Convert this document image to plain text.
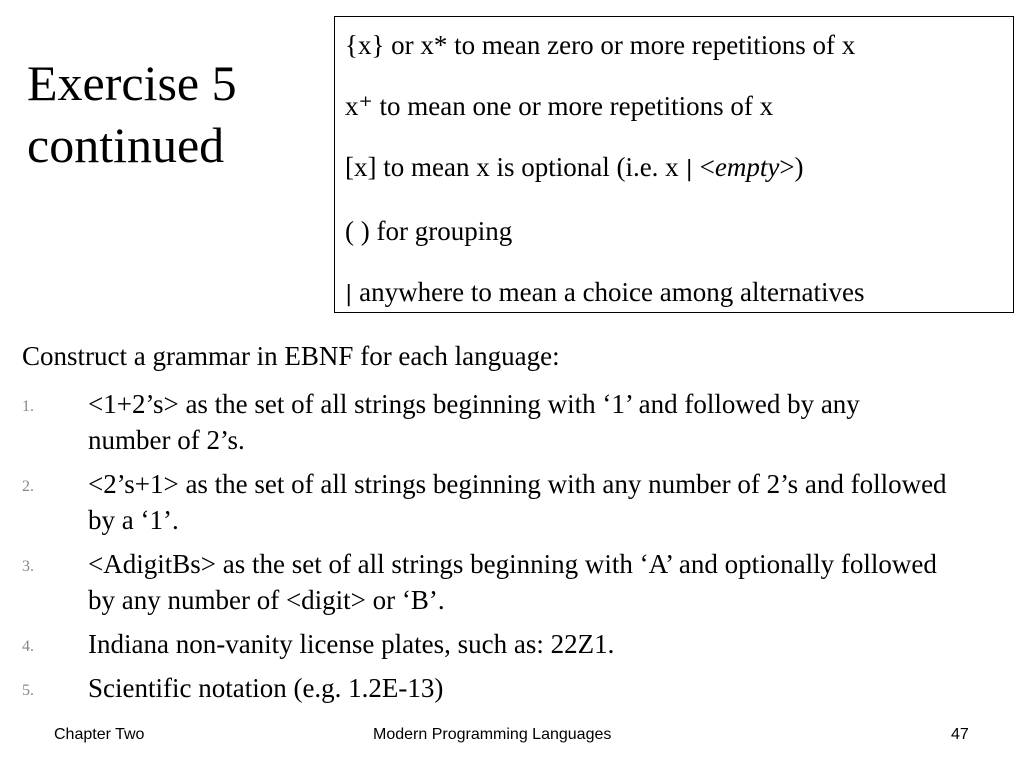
Exercise 5 continued

{x} or x* to mean zero or more repetitions of x

x⁺ to mean one or more repetitions of x

[x] to mean x is optional (i.e. x | <empty>)

( ) for grouping

| anywhere to mean a choice among alternatives

Construct a grammar in EBNF for each language:

1. <1+2’s> as the set of all strings beginning with ‘1’ and followed by any number of 2’s.
2. <2’s+1> as the set of all strings beginning with any number of 2’s and followed by a ‘1’.
3. <AdigitBs> as the set of all strings beginning with ‘A’ and optionally followed by any number of <digit> or ‘B’.
4. Indiana non-vanity license plates, such as: 22Z1.
5. Scientific notation (e.g. 1.2E-13)
Chapter Two	Modern Programming Languages	47
